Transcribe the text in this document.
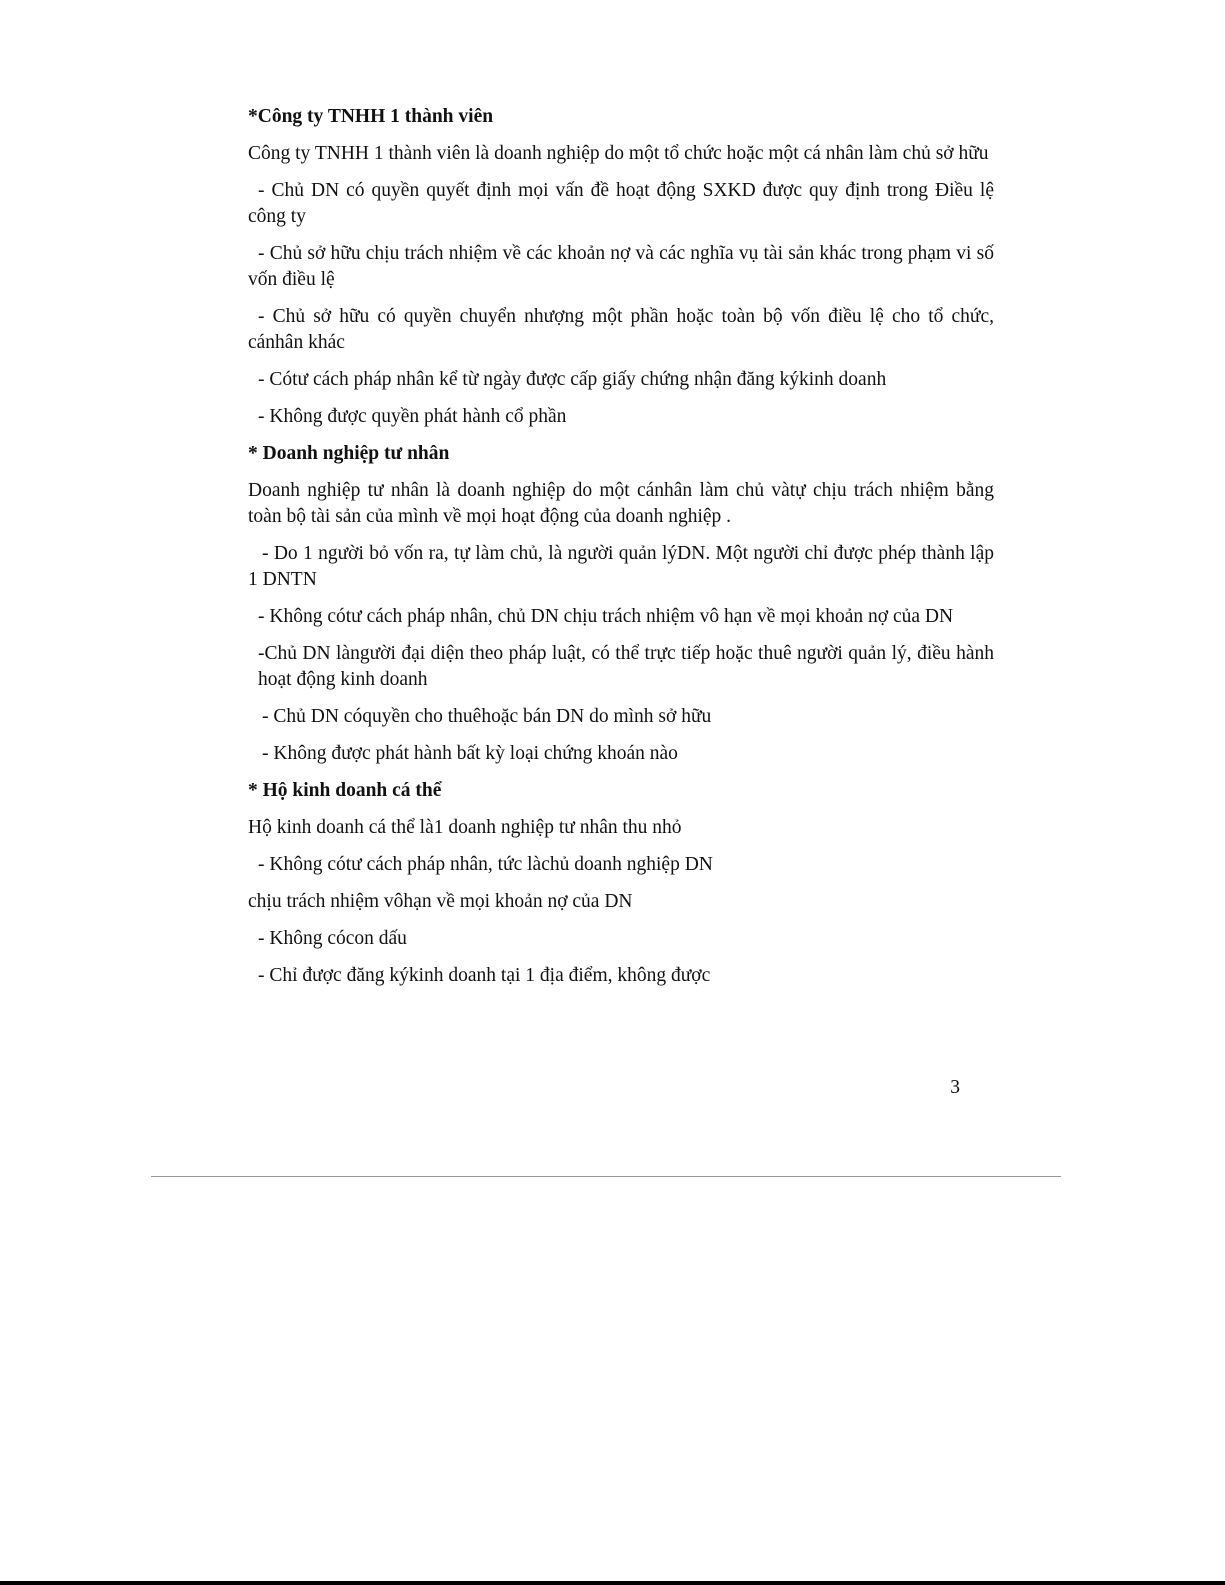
*Công ty TNHH 1 thành viên

Công ty TNHH 1 thành viên là doanh nghiệp do một tổ chức hoặc một cá nhân làm chủ sở hữu

- Chủ DN có quyền quyết định mọi vấn đề hoạt động SXKD được quy định trong Điều lệ công ty

- Chủ sở hữu chịu trách nhiệm về các khoản nợ và các nghĩa vụ tài sản khác trong phạm vi số vốn điều lệ

- Chủ sở hữu có quyền chuyển nhượng một phần hoặc toàn bộ vốn điều lệ cho tổ chức, cánhân khác

- Cótư cách pháp nhân kể từ ngày được cấp giấy chứng nhận đăng kýkinh doanh

- Không được quyền phát hành cổ phần

* Doanh nghiệp tư nhân

Doanh nghiệp tư nhân là doanh nghiệp do một cánhân làm chủ vàtự chịu trách nhiệm bằng toàn bộ tài sản của mình về mọi hoạt động của doanh nghiệp .

- Do 1 người bỏ vốn ra, tự làm chủ, là người quản lýDN. Một người chỉ được phép thành lập 1 DNTN

- Không cótư cách pháp nhân, chủ DN chịu trách nhiệm vô hạn về mọi khoản nợ của DN

-Chủ DN làngười đại diện theo pháp luật, có thể trực tiếp hoặc thuê người quản lý, điều hành hoạt động kinh doanh

- Chủ DN cóquyền cho thuêhoặc bán DN do mình sở hữu

- Không được phát hành bất kỳ loại chứng khoán nào

* Hộ kinh doanh cá thể

Hộ kinh doanh cá thể là1 doanh nghiệp tư nhân thu nhỏ

- Không cótư cách pháp nhân, tức làchủ doanh nghiệp DN

chịu trách nhiệm vôhạn về mọi khoản nợ của DN

- Không cócon dấu

- Chỉ được đăng kýkinh doanh tại 1 địa điểm, không được

3
